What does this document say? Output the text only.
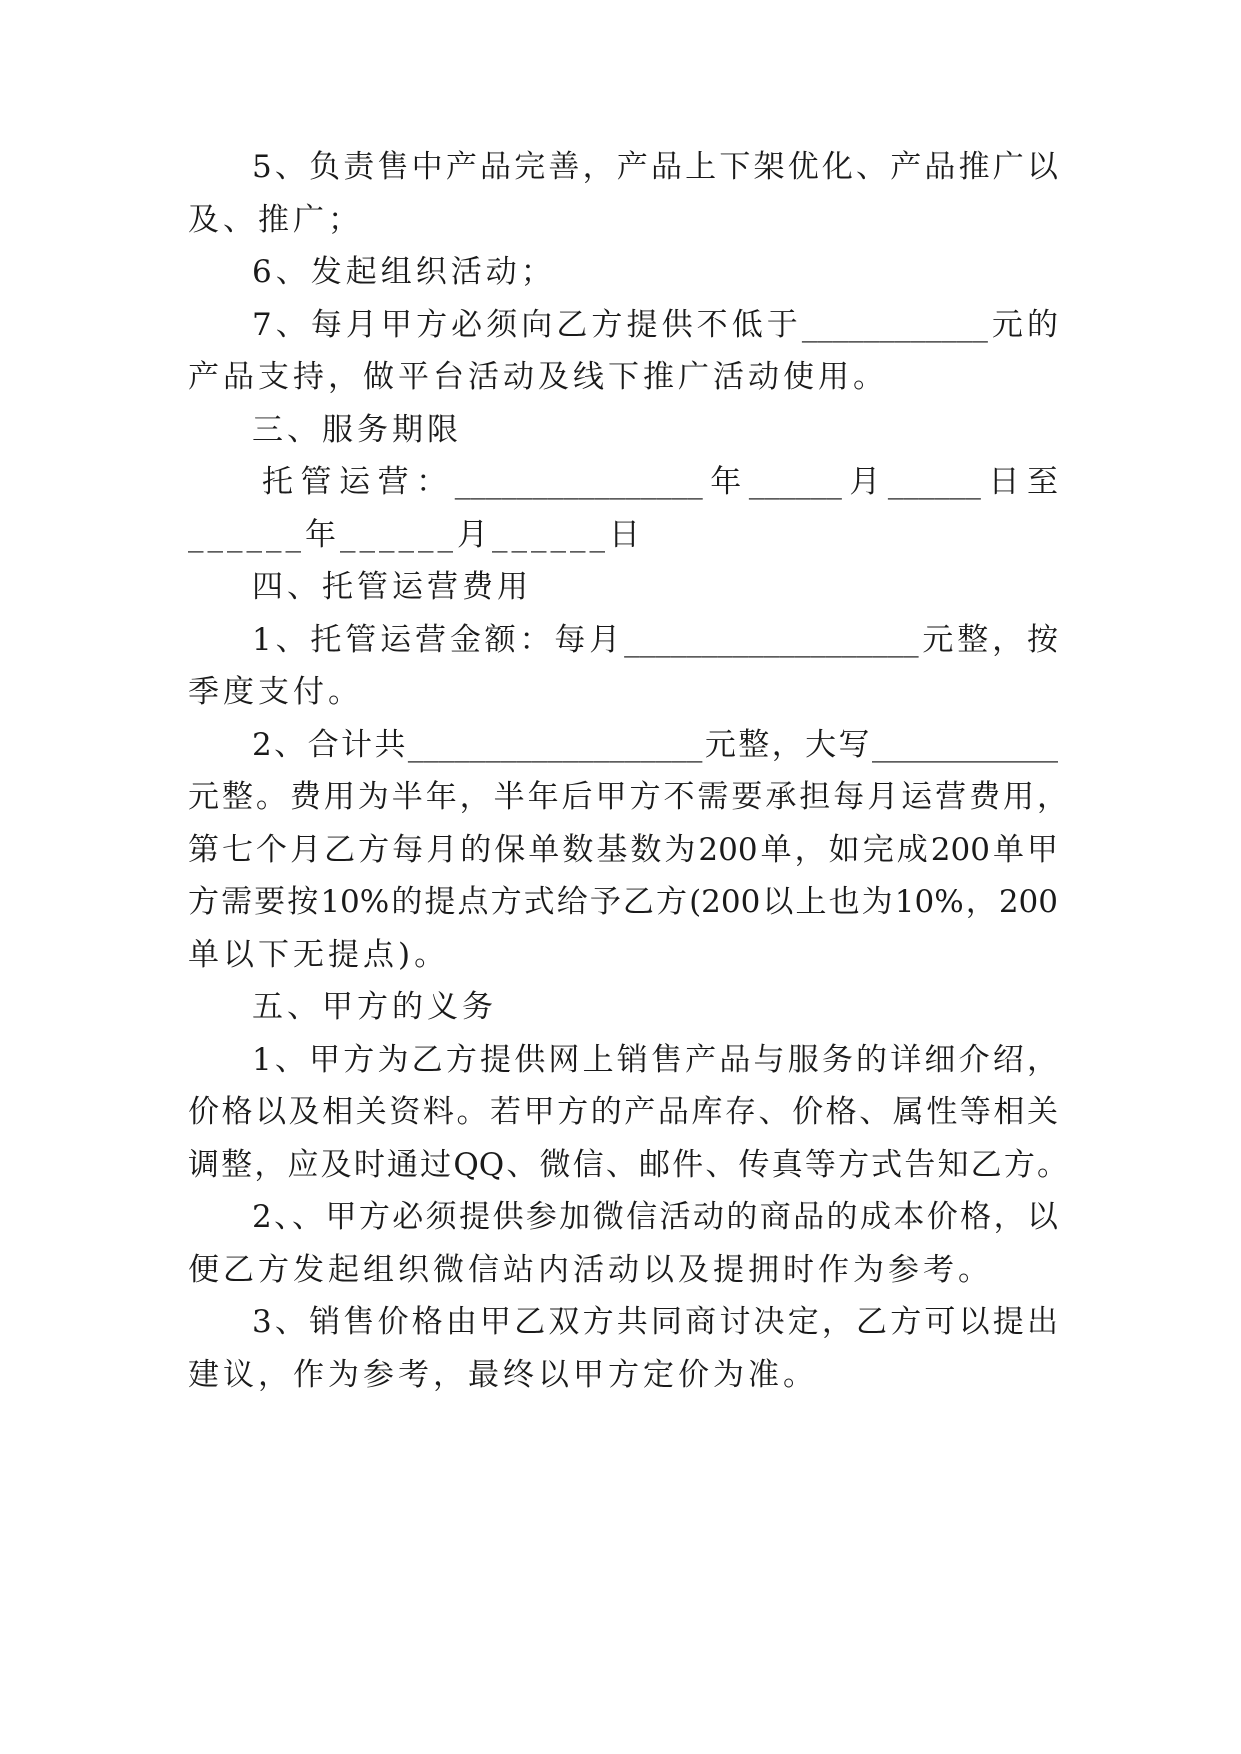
5、负责售中产品完善，产品上下架优化、产品推广以
及、推广；
6、发起组织活动；
7、每月甲方必须向乙方提供不低于____________元的
产品支持，做平台活动及线下推广活动使用。
三、服务期限
托管运营：________________年______月______日至
______年______月______日
四、托管运营费用
1、托管运营金额：每月___________________元整，按
季度支付。
2、合计共___________________元整，大写____________
元整。费用为半年，半年后甲方不需要承担每月运营费用，
第七个月乙方每月的保单数基数为200单，如完成200单甲
方需要按10%的提点方式给予乙方(200以上也为10%，200
单以下无提点)。
五、甲方的义务
1、甲方为乙方提供网上销售产品与服务的详细介绍，
价格以及相关资料。若甲方的产品库存、价格、属性等相关
调整，应及时通过QQ、微信、邮件、传真等方式告知乙方。
2、、甲方必须提供参加微信活动的商品的成本价格，以
便乙方发起组织微信站内活动以及提拥时作为参考。
3、销售价格由甲乙双方共同商讨决定，乙方可以提出
建议，作为参考，最终以甲方定价为准。
